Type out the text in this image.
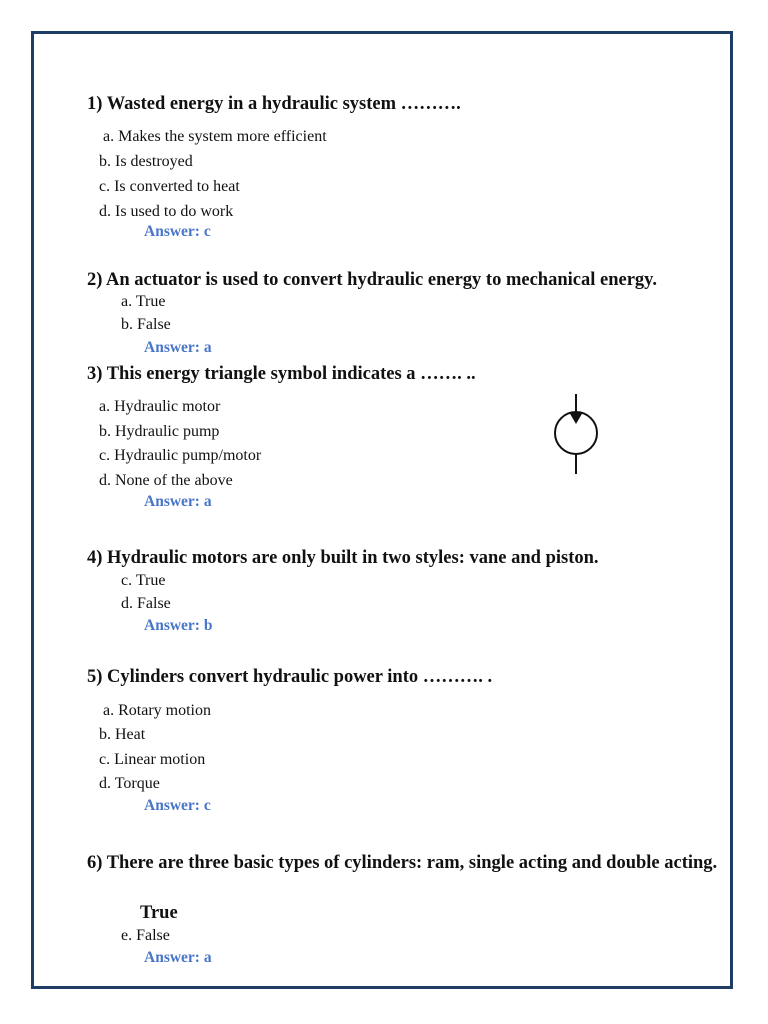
1) Wasted energy in a hydraulic system ……….
a. Makes the system more efficient
b. Is destroyed
c. Is converted to heat
d. Is used to do work
Answer: c
2) An actuator is used to convert hydraulic energy to mechanical energy.
a. True
b. False
Answer: a
3) This energy triangle symbol indicates a ……. ..
a. Hydraulic motor
b. Hydraulic pump
c. Hydraulic pump/motor
d. None of the above
Answer: a
4) Hydraulic motors are only built in two styles: vane and piston.
c. True
d. False
Answer: b
5) Cylinders convert hydraulic power into ………. .
a. Rotary motion
b. Heat
c. Linear motion
d. Torque
Answer: c
6) There are three basic types of cylinders: ram, single acting and double acting.
True
e. False
Answer: a
